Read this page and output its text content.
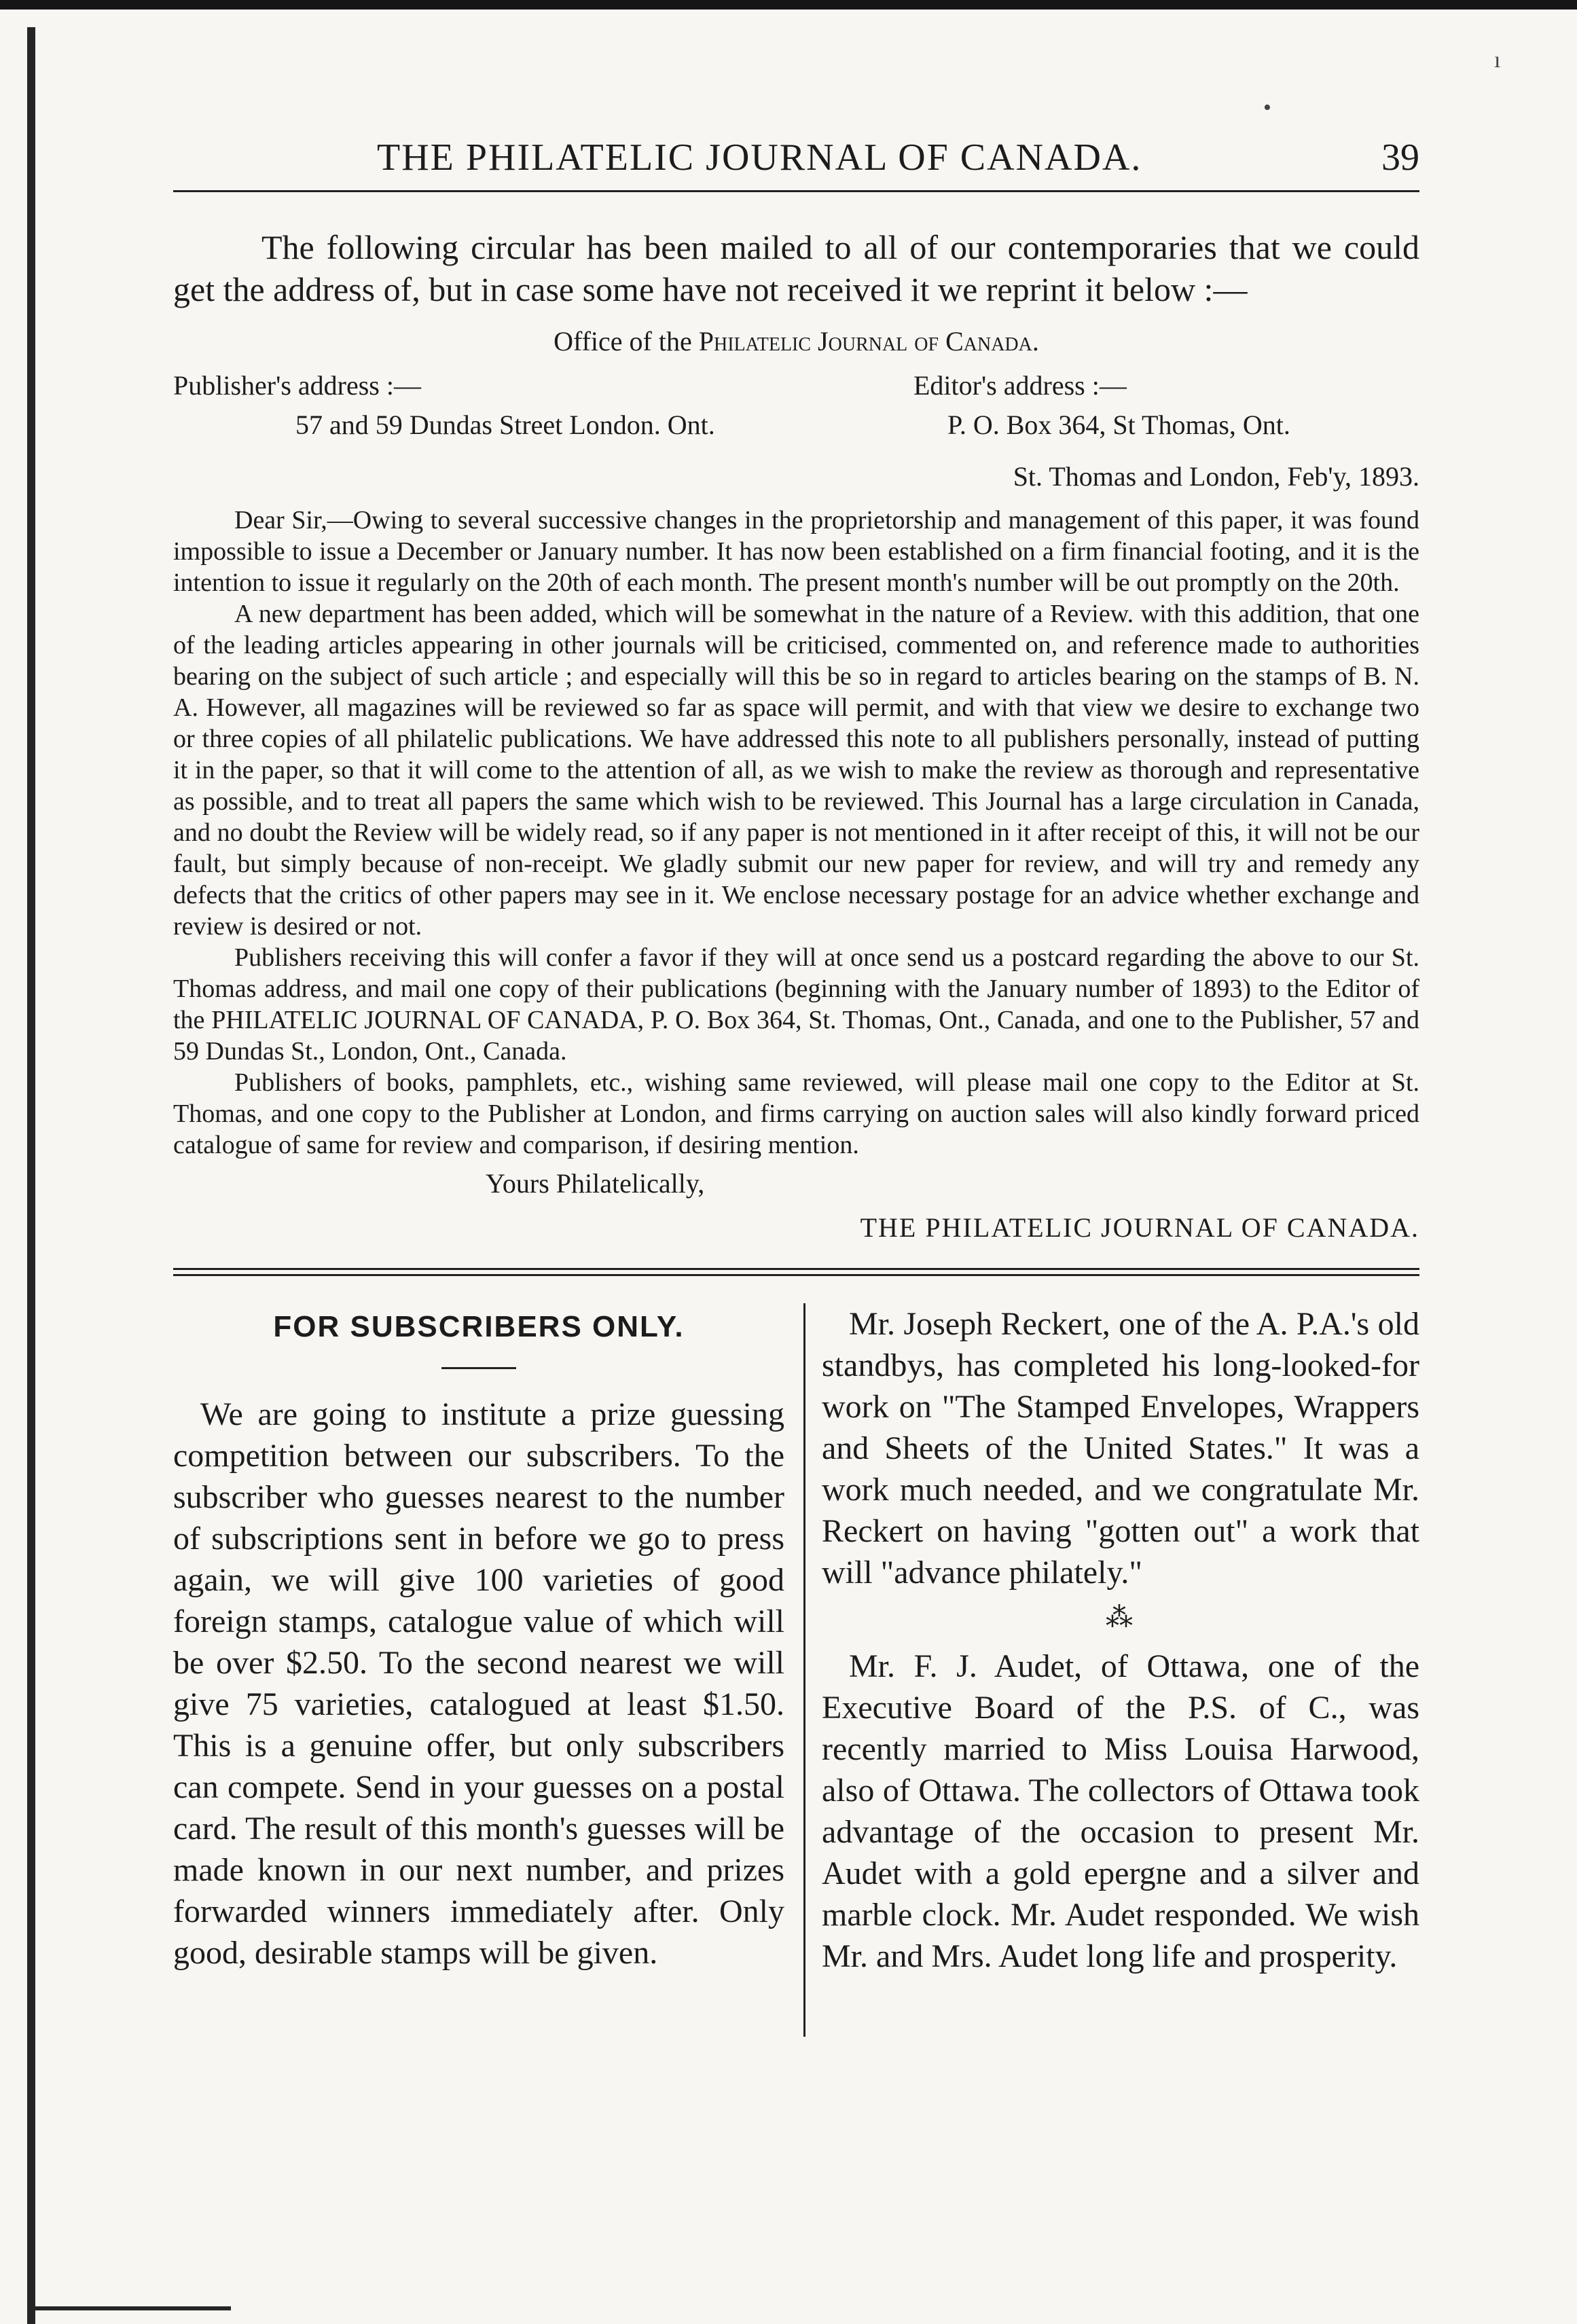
ı
•
THE PHILATELIC JOURNAL OF CANADA.	39

The following circular has been mailed to all of our contemporaries that we could get the address of, but in case some have not received it we reprint it below :—

Office of the Philatelic Journal of Canada.
Publisher's address :—	Editor's address :—
57 and 59 Dundas Street London. Ont.	P. O. Box 364, St Thomas, Ont.
St. Thomas and London, Feb'y, 1893.

Dear Sir,—Owing to several successive changes in the proprietorship and management of this paper, it was found impossible to issue a December or January number. It has now been established on a firm financial footing, and it is the intention to issue it regularly on the 20th of each month. The present month's number will be out promptly on the 20th.

A new department has been added, which will be somewhat in the nature of a Review. with this addition, that one of the leading articles appearing in other journals will be criticised, commented on, and reference made to authorities bearing on the subject of such article ; and especially will this be so in regard to articles bearing on the stamps of B. N. A. However, all magazines will be reviewed so far as space will permit, and with that view we desire to exchange two or three copies of all philatelic publications. We have addressed this note to all publishers personally, instead of putting it in the paper, so that it will come to the attention of all, as we wish to make the review as thorough and representative as possible, and to treat all papers the same which wish to be reviewed. This Journal has a large circulation in Canada, and no doubt the Review will be widely read, so if any paper is not mentioned in it after receipt of this, it will not be our fault, but simply because of non-receipt. We gladly submit our new paper for review, and will try and remedy any defects that the critics of other papers may see in it. We enclose necessary postage for an advice whether exchange and review is desired or not.

Publishers receiving this will confer a favor if they will at once send us a postcard regarding the above to our St. Thomas address, and mail one copy of their publications (beginning with the January number of 1893) to the Editor of the PHILATELIC JOURNAL OF CANADA, P. O. Box 364, St. Thomas, Ont., Canada, and one to the Publisher, 57 and 59 Dundas St., London, Ont., Canada.

Publishers of books, pamphlets, etc., wishing same reviewed, will please mail one copy to the Editor at St. Thomas, and one copy to the Publisher at London, and firms carrying on auction sales will also kindly forward priced catalogue of same for review and comparison, if desiring mention.

Yours Philatelically,
THE PHILATELIC JOURNAL OF CANADA.
FOR SUBSCRIBERS ONLY.

We are going to institute a prize guessing competition between our subscribers. To the subscriber who guesses nearest to the number of subscriptions sent in before we go to press again, we will give 100 varieties of good foreign stamps, catalogue value of which will be over $2.50. To the second nearest we will give 75 varieties, catalogued at least $1.50. This is a genuine offer, but only subscribers can compete. Send in your guesses on a postal card. The result of this month's guesses will be made known in our next number, and prizes forwarded winners immediately after. Only good, desirable stamps will be given.

Mr. Joseph Reckert, one of the A. P.A.'s old standbys, has completed his long-looked-for work on "The Stamped Envelopes, Wrappers and Sheets of the United States." It was a work much needed, and we congratulate Mr. Reckert on having "gotten out" a work that will "advance philately."

⁂

Mr. F. J. Audet, of Ottawa, one of the Executive Board of the P.S. of C., was recently married to Miss Louisa Harwood, also of Ottawa. The collectors of Ottawa took advantage of the occasion to present Mr. Audet with a gold epergne and a silver and marble clock. Mr. Audet responded. We wish Mr. and Mrs. Audet long life and prosperity.
